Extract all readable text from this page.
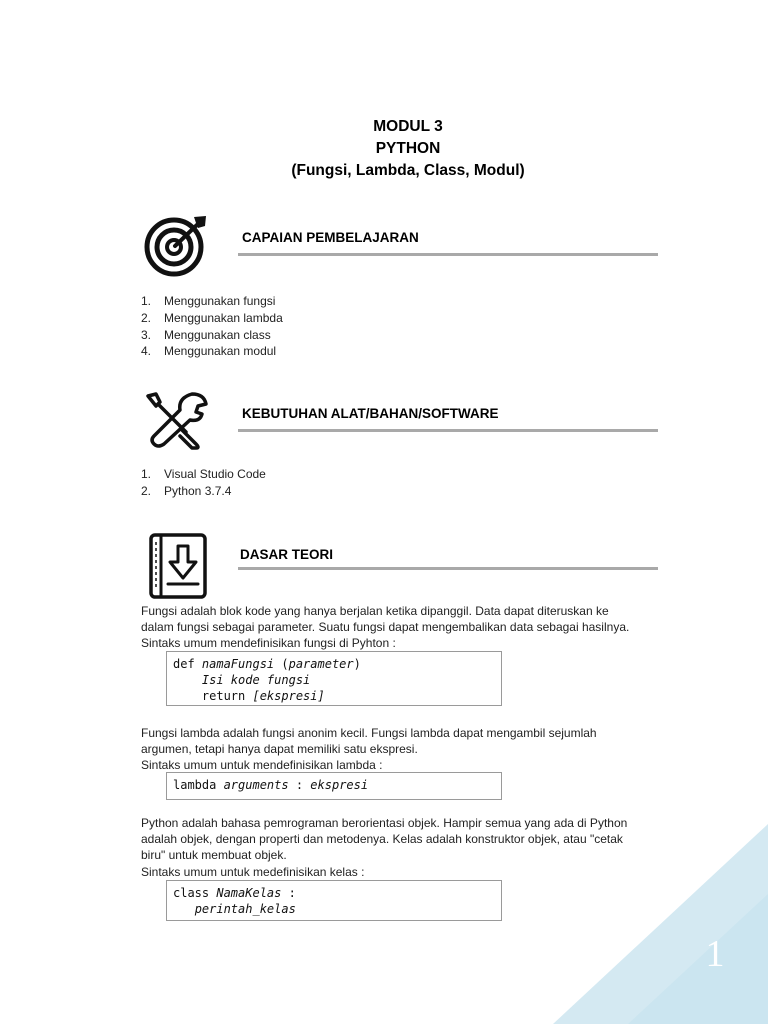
1
MODUL 3
PYTHON
(Fungsi, Lambda, Class, Modul)
CAPAIAN PEMBELAJARAN
1.	Menggunakan fungsi
2.	Menggunakan lambda
3.	Menggunakan class
4.	Menggunakan modul
KEBUTUHAN ALAT/BAHAN/SOFTWARE
1.	Visual Studio Code
2.	Python 3.7.4
DASAR TEORI
Fungsi adalah blok kode yang hanya berjalan ketika dipanggil. Data dapat diteruskan ke
dalam fungsi sebagai parameter. Suatu fungsi dapat mengembalikan data sebagai hasilnya.
Sintaks umum mendefinisikan fungsi di Pyhton :
def namaFungsi (parameter)
Isi kode fungsi
return [ekspresi]
Fungsi lambda adalah fungsi anonim kecil. Fungsi lambda dapat mengambil sejumlah
argumen, tetapi hanya dapat memiliki satu ekspresi.
Sintaks umum untuk mendefinisikan lambda :
lambda arguments : ekspresi
Python adalah bahasa pemrograman berorientasi objek. Hampir semua yang ada di Python
adalah objek, dengan properti dan metodenya. Kelas adalah konstruktor objek, atau "cetak
biru" untuk membuat objek.
Sintaks umum untuk medefinisikan kelas :
class NamaKelas :
perintah_kelas
